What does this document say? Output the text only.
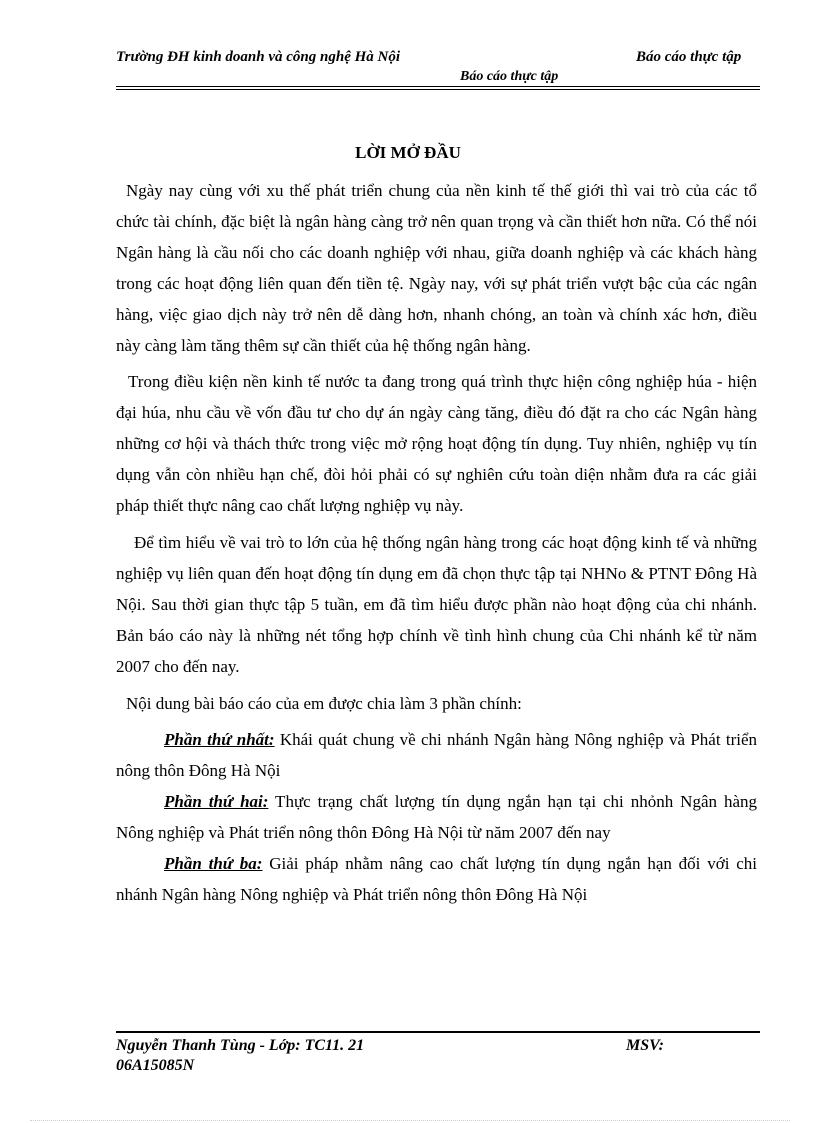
Trường ĐH kinh doanh và công nghệ Hà Nội	Báo cáo thực tập
Báo cáo thực tập
LỜI MỞ ĐẦU

Ngày nay cùng với xu thế phát triển chung của nền kinh tế thế giới thì vai trò của các tổ chức tài chính, đặc biệt là ngân hàng càng trở nên quan trọng và cần thiết hơn nữa. Có thể nói Ngân hàng là cầu nối cho các doanh nghiệp với nhau, giữa doanh nghiệp và các khách hàng trong các hoạt động liên quan đến tiền tệ. Ngày nay, với sự phát triển vượt bậc của các ngân hàng, việc giao dịch này trở nên dễ dàng hơn, nhanh chóng, an toàn và chính xác hơn, điều này càng làm tăng thêm sự cần thiết của hệ thống ngân hàng.

Trong điều kiện nền kinh tế nước ta đang trong quá trình thực hiện công nghiệp húa - hiện đại húa, nhu cầu về vốn đầu tư cho dự án ngày càng tăng, điều đó đặt ra cho các Ngân hàng những cơ hội và thách thức trong việc mở rộng hoạt động tín dụng. Tuy nhiên, nghiệp vụ tín dụng vẫn còn nhiều hạn chế, đòi hỏi phải có sự nghiên cứu toàn diện nhằm đưa ra các giải pháp thiết thực nâng cao chất lượng nghiệp vụ này.

Để tìm hiểu về vai trò to lớn của hệ thống ngân hàng trong các hoạt động kinh tế và những nghiệp vụ liên quan đến hoạt động tín dụng em đã chọn thực tập tại NHNo & PTNT Đông Hà Nội. Sau thời gian thực tập 5 tuần, em đã tìm hiểu được phần nào hoạt động của chi nhánh. Bản báo cáo này là những nét tổng hợp chính về tình hình chung của Chi nhánh kể từ năm 2007 cho đến nay.

Nội dung bài báo cáo của em được chia làm 3 phần chính:

Phần thứ nhất: Khái quát chung về chi nhánh Ngân hàng Nông nghiệp và Phát triển nông thôn Đông Hà Nội

Phần thứ hai: Thực trạng chất lượng tín dụng ngắn hạn tại chi nhỏnh Ngân hàng Nông nghiệp và Phát triển nông thôn Đông Hà Nội từ năm 2007 đến nay

Phần thứ ba: Giải pháp nhằm nâng cao chất lượng tín dụng ngắn hạn đối với chi nhánh Ngân hàng Nông nghiệp và Phát triển nông thôn Đông Hà Nội

Nguyễn Thanh Tùng - Lớp: TC11. 21	MSV:
06A15085N
